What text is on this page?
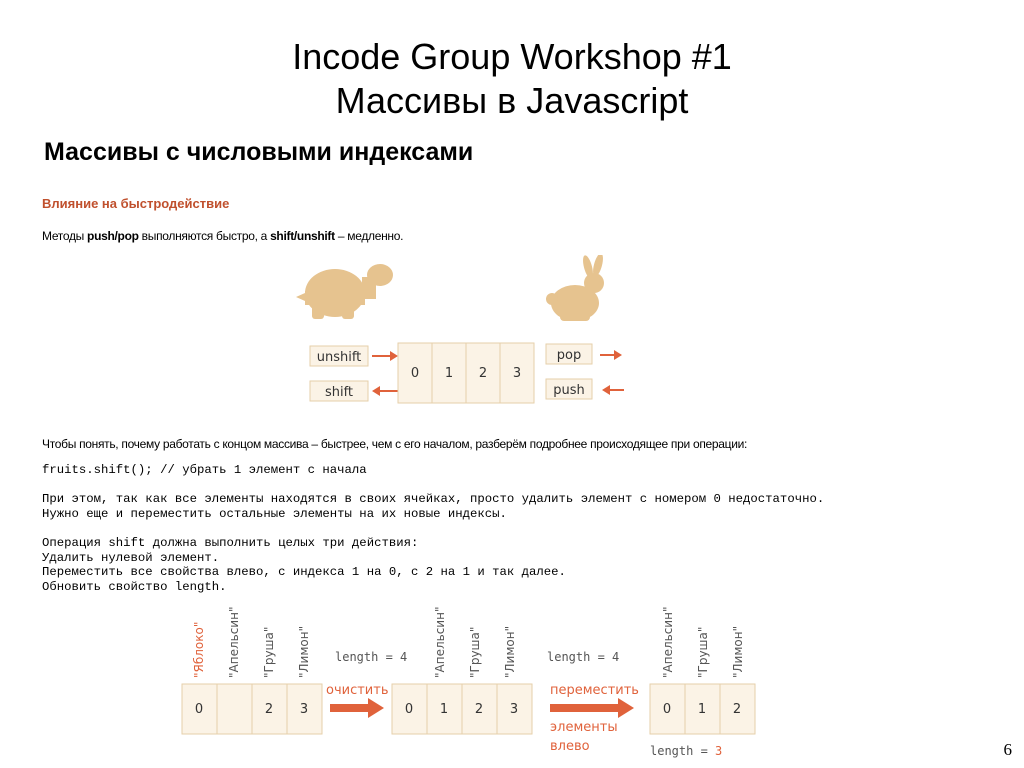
Incode Group Workshop #1
Массивы в Javascript
Массивы с числовыми индексами
Влияние на быстродействие
Методы push/pop выполняются быстро, а shift/unshift – медленно.
unshift
shift
0 1 2 3
pop
push
Чтобы понять, почему работать с концом массива – быстрее, чем с его началом, разберём подробнее происходящее при операции:
fruits.shift(); // убрать 1 элемент с начала
При этом, так как все элементы находятся в своих ячейках, просто удалить элемент с номером 0 недостаточно.
Нужно еще и переместить остальные элементы на их новые индексы.
Операция shift должна выполнить целых три действия:
Удалить нулевой элемент.
Переместить все свойства влево, с индекса 1 на 0, с 2 на 1 и так далее.
Обновить свойство length.
"Яблоко" "Апельсин" "Груша" "Лимон"
0	2 3
length = 4
очистить
"Апельсин" "Груша" "Лимон"
0 1 2 3
length = 4
переместить
элементы
влево
"Апельсин" "Груша" "Лимон"
0 1 2
length = 3	6
